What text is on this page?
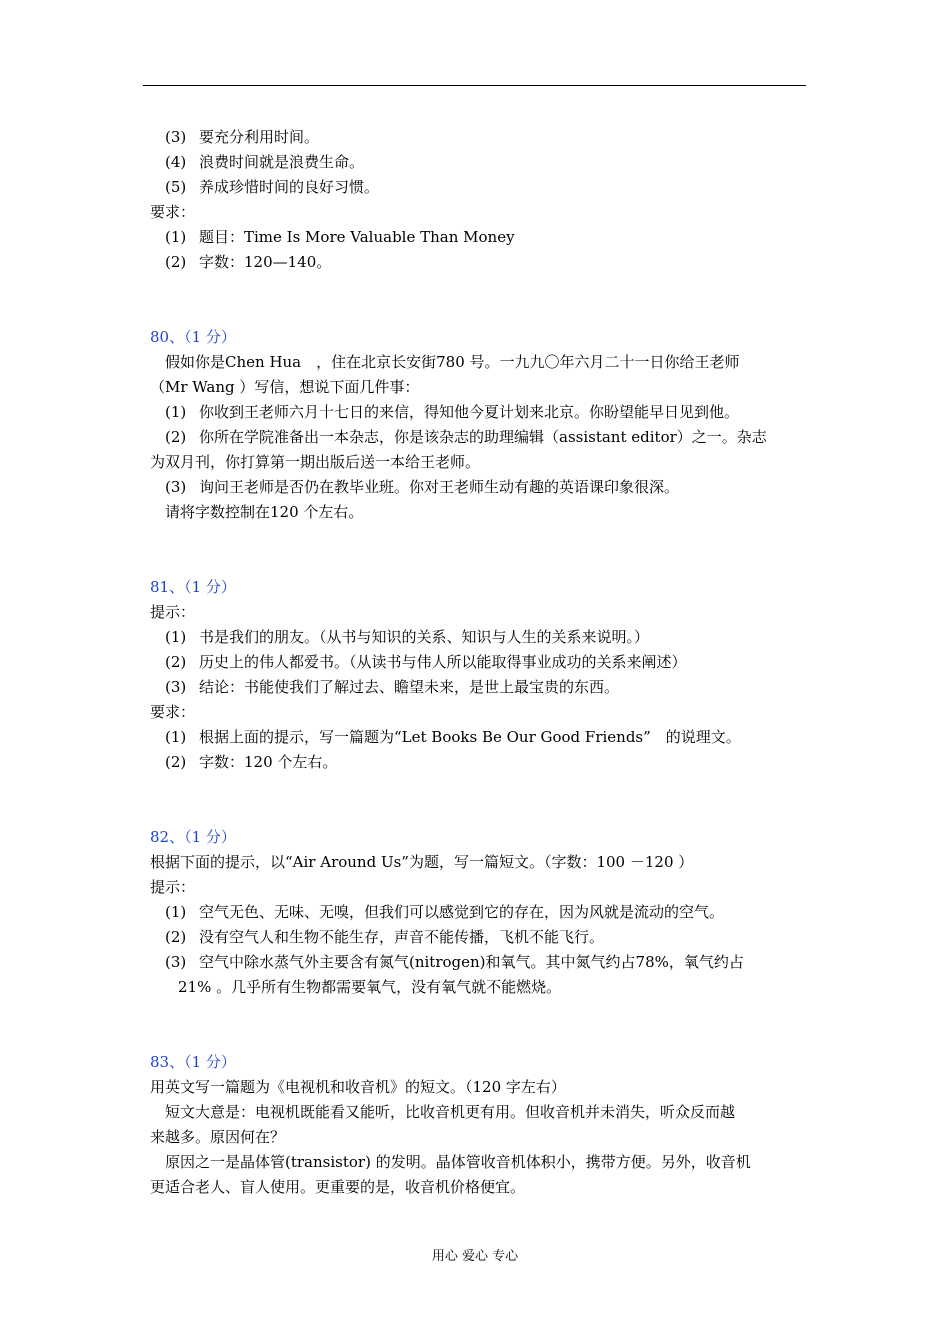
(3) 要充分利用时间。
(4) 浪费时间就是浪费生命。
(5) 养成珍惜时间的良好习惯。
要求：
(1) 题目：Time Is More Valuable Than Money
(2) 字数：120—140。
80、（1 分）
假如你是Chen Hua　，住在北京长安街780 号。一九九〇年六月二十一日你给王老师
（Mr Wang ）写信，想说下面几件事：
(1) 你收到王老师六月十七日的来信，得知他今夏计划来北京。你盼望能早日见到他。
(2) 你所在学院准备出一本杂志，你是该杂志的助理编辑（assistant editor）之一。杂志
为双月刊，你打算第一期出版后送一本给王老师。
(3) 询问王老师是否仍在教毕业班。你对王老师生动有趣的英语课印象很深。
请将字数控制在120 个左右。
81、（1 分）
提示：
(1) 书是我们的朋友。（从书与知识的关系、知识与人生的关系来说明。）
(2) 历史上的伟人都爱书。（从读书与伟人所以能取得事业成功的关系来阐述）
(3) 结论：书能使我们了解过去、瞻望未来，是世上最宝贵的东西。
要求：
(1) 根据上面的提示，写一篇题为“Let Books Be Our Good Friends”　的说理文。
(2) 字数：120 个左右。
82、（1 分）
根据下面的提示，以“Air Around Us”为题，写一篇短文。（字数：100 －120 ）
提示：
(1) 空气无色、无味、无嗅，但我们可以感觉到它的存在，因为风就是流动的空气。
(2) 没有空气人和生物不能生存，声音不能传播，飞机不能飞行。
(3) 空气中除水蒸气外主要含有氮气(nitrogen)和氧气。其中氮气约占78%，氧气约占
21% 。几乎所有生物都需要氧气，没有氧气就不能燃烧。
83、（1 分）
用英文写一篇题为《电视机和收音机》的短文。（120 字左右）
短文大意是：电视机既能看又能听，比收音机更有用。但收音机并未消失，听众反而越
来越多。原因何在？
原因之一是晶体管(transistor) 的发明。晶体管收音机体积小，携带方便。另外，收音机
更适合老人、盲人使用。更重要的是，收音机价格便宜。
用心 爱心 专心
